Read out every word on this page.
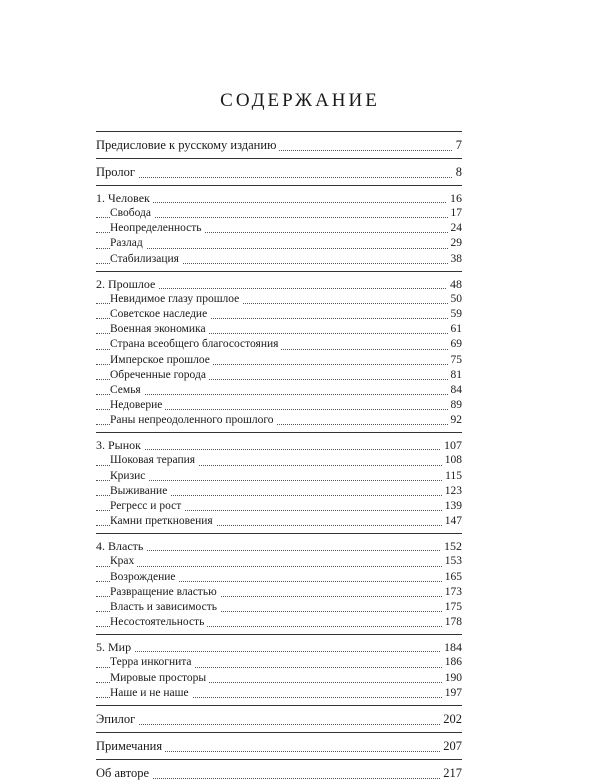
СОДЕРЖАНИЕ
Предисловие к русскому изданию	7
Пролог	8
1. Человек	16
Свобода	17
Неопределенность	24
Разлад	29
Стабилизация	38
2. Прошлое	48
Невидимое глазу прошлое	50
Советское наследие	59
Военная экономика	61
Страна всеобщего благосостояния	69
Имперское прошлое	75
Обреченные города	81
Семья	84
Недоверие	89
Раны непреодоленного прошлого	92
3. Рынок	107
Шоковая терапия	108
Кризис	115
Выживание	123
Регресс и рост	139
Камни преткновения	147
4. Власть	152
Крах	153
Возрождение	165
Развращение властью	173
Власть и зависимость	175
Несостоятельность	178
5. Мир	184
Терра инкогнита	186
Мировые просторы	190
Наше и не наше	197
Эпилог	202
Примечания	207
Об авторе	217
